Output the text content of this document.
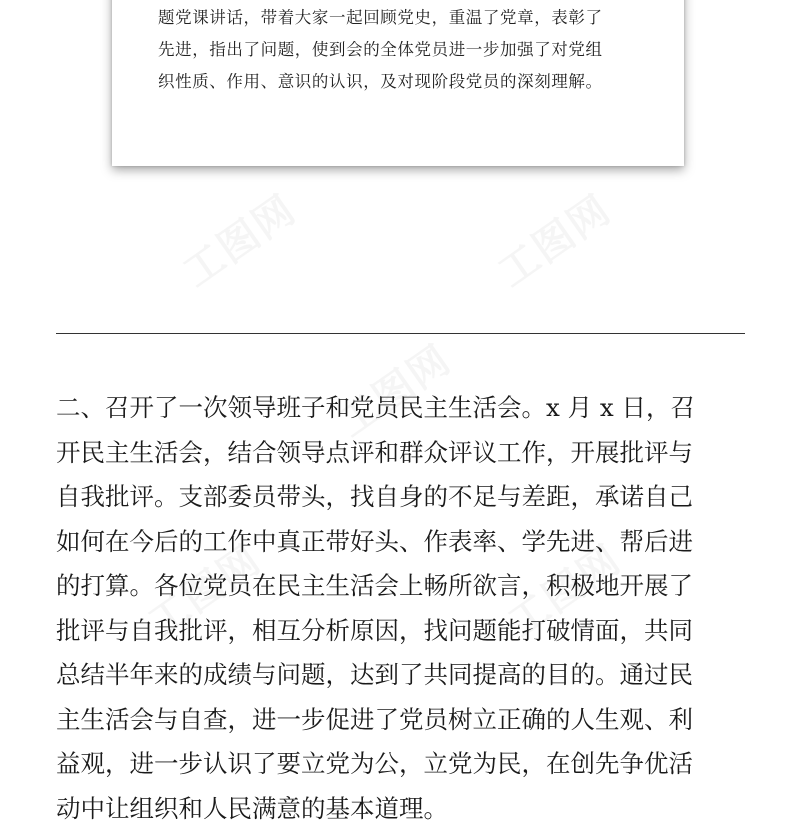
题党课讲话，带着大家一起回顾党史，重温了党章，表彰了
先进，指出了问题，使到会的全体党员进一步加强了对党组
织性质、作用、意识的认识，及对现阶段党员的深刻理解。

工图网	工图网
工图网
工图网	工图网

二、召开了一次领导班子和党员民主生活会。x 月 x 日，召
开民主生活会，结合领导点评和群众评议工作，开展批评与
自我批评。支部委员带头，找自身的不足与差距，承诺自己
如何在今后的工作中真正带好头、作表率、学先进、帮后进
的打算。各位党员在民主生活会上畅所欲言，积极地开展了
批评与自我批评，相互分析原因，找问题能打破情面，共同
总结半年来的成绩与问题，达到了共同提高的目的。通过民
主生活会与自查，进一步促进了党员树立正确的人生观、利
益观，进一步认识了要立党为公，立党为民，在创先争优活
动中让组织和人民满意的基本道理。
